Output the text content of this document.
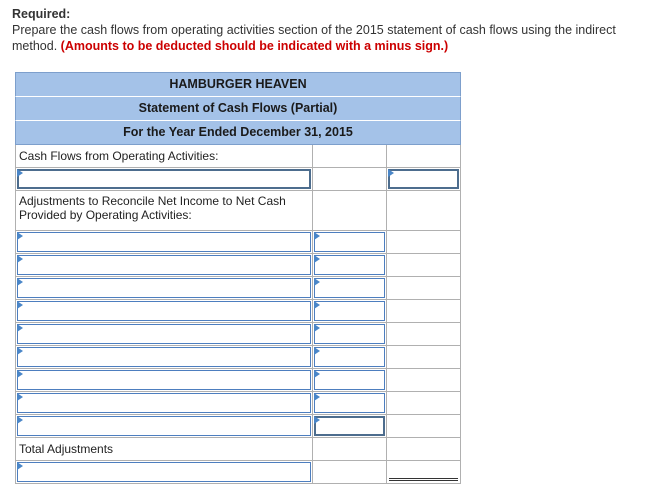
Required:
Prepare the cash flows from operating activities section of the 2015 statement of cash flows using the indirect method. (Amounts to be deducted should be indicated with a minus sign.)
HAMBURGER HEAVEN
Statement of Cash Flows (Partial)
For the Year Ended December 31, 2015
Cash Flows from Operating Activities:
Adjustments to Reconcile Net Income to Net Cash Provided by Operating Activities:
Total Adjustments
